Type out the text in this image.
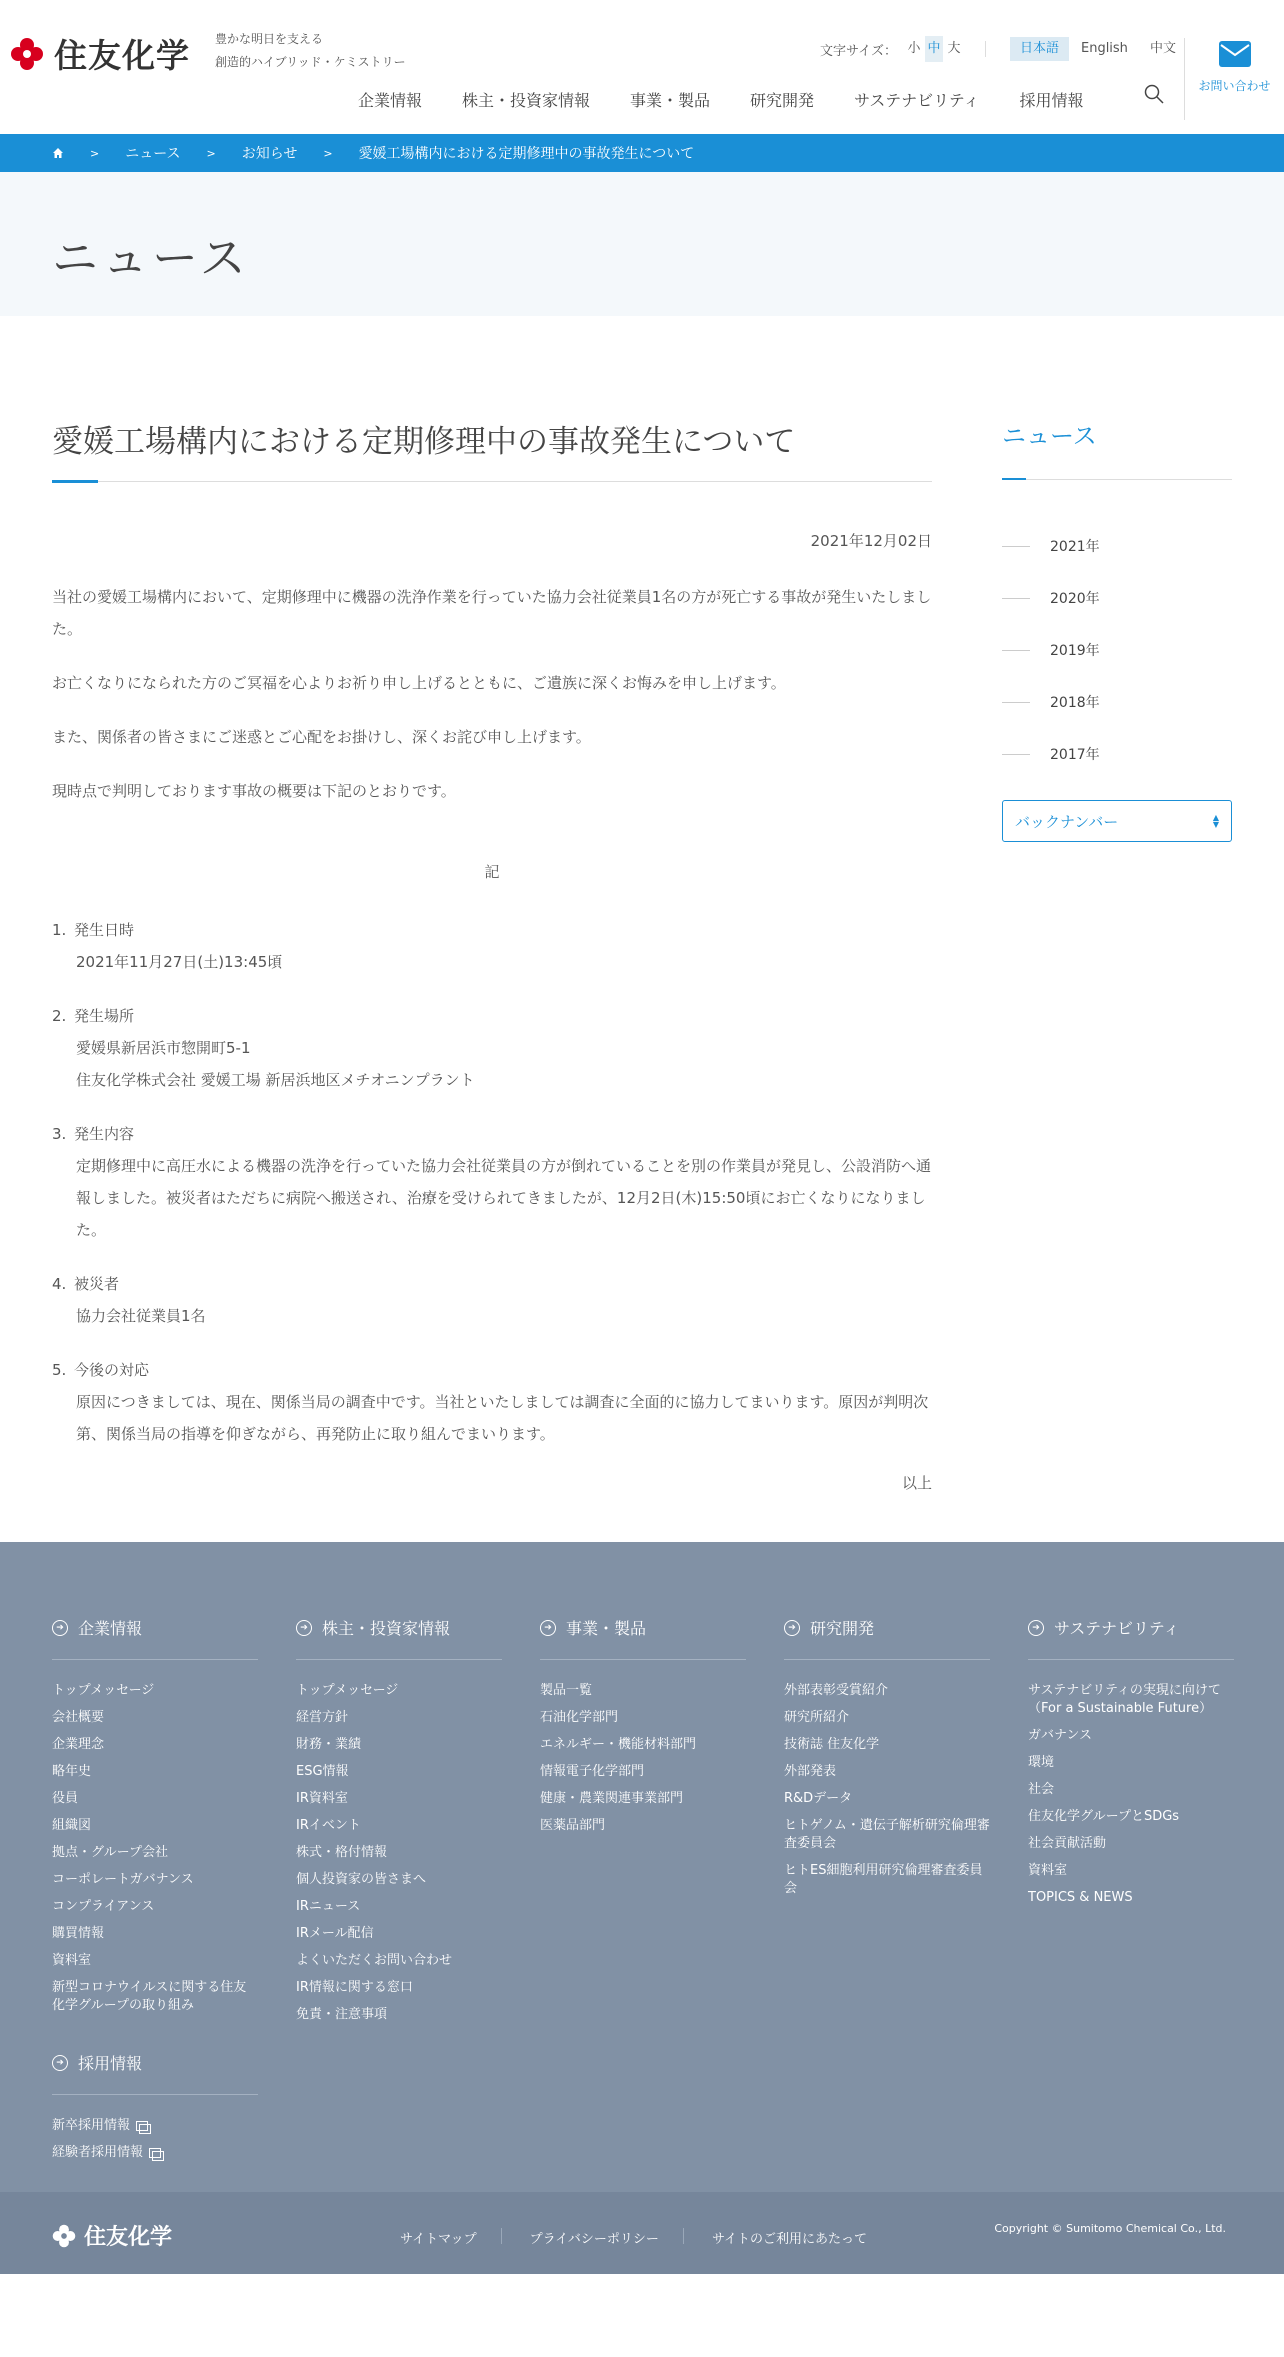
住友化学 豊かな明日を支える
創造的ハイブリッド・ケミストリー
文字サイズ： 小 中 大	日本語	English	中文
お問い合わせ
企業情報	株主・投資家情報	事業・製品	研究開発	サステナビリティ	採用情報
> ニュース > お知らせ > 愛媛工場構内における定期修理中の事故発生について
ニュース
愛媛工場構内における定期修理中の事故発生について
2021年12月02日

当社の愛媛工場構内において、定期修理中に機器の洗浄作業を行っていた協力会社従業員1名の方が死亡する事故が発生いたしました。

お亡くなりになられた方のご冥福を心よりお祈り申し上げるとともに、ご遺族に深くお悔みを申し上げます。

また、関係者の皆さまにご迷惑とご心配をお掛けし、深くお詫び申し上げます。

現時点で判明しております事故の概要は下記のとおりです。

記
1. 発生日時
2021年11月27日(土)13:45頃
2. 発生場所
愛媛県新居浜市惣開町5-1
住友化学株式会社 愛媛工場 新居浜地区メチオニンプラント
3. 発生内容
定期修理中に高圧水による機器の洗浄を行っていた協力会社従業員の方が倒れていることを別の作業員が発見し、公設消防へ通報しました。被災者はただちに病院へ搬送され、治療を受けられてきましたが、12月2日(木)15:50頃にお亡くなりになりました。
4. 被災者
協力会社従業員1名
5. 今後の対応
原因につきましては、現在、関係当局の調査中です。当社といたしましては調査に全面的に協力してまいります。原因が判明次第、関係当局の指導を仰ぎながら、再発防止に取り組んでまいります。
以上
ニュース
2021年
2020年
2019年
2018年
2017年
バックナンバー	▲
▼
➔ 企業情報
トップメッセージ
会社概要
企業理念
略年史
役員
組織図
拠点・グループ会社
コーポレートガバナンス
コンプライアンス
購買情報
資料室
新型コロナウイルスに関する住友化学グループの取り組み
➔ 採用情報
新卒採用情報
経験者採用情報
➔ 株主・投資家情報
トップメッセージ
経営方針
財務・業績
ESG情報
IR資料室
IRイベント
株式・格付情報
個人投資家の皆さまへ
IRニュース
IRメール配信
よくいただくお問い合わせ
IR情報に関する窓口
免責・注意事項
➔ 事業・製品
製品一覧
石油化学部門
エネルギー・機能材料部門
情報電子化学部門
健康・農業関連事業部門
医薬品部門
➔ 研究開発
外部表彰受賞紹介
研究所紹介
技術誌 住友化学
外部発表
R&Dデータ
ヒトゲノム・遺伝子解析研究倫理審査委員会
ヒトES細胞利用研究倫理審査委員会
➔ サステナビリティ
サステナビリティの実現に向けて（For a Sustainable Future）
ガバナンス
環境
社会
住友化学グループとSDGs
社会貢献活動
資料室
TOPICS & NEWS
住友化学	サイトマップ	プライバシーポリシー	サイトのご利用にあたって
Copyright © Sumitomo Chemical Co., Ltd.
